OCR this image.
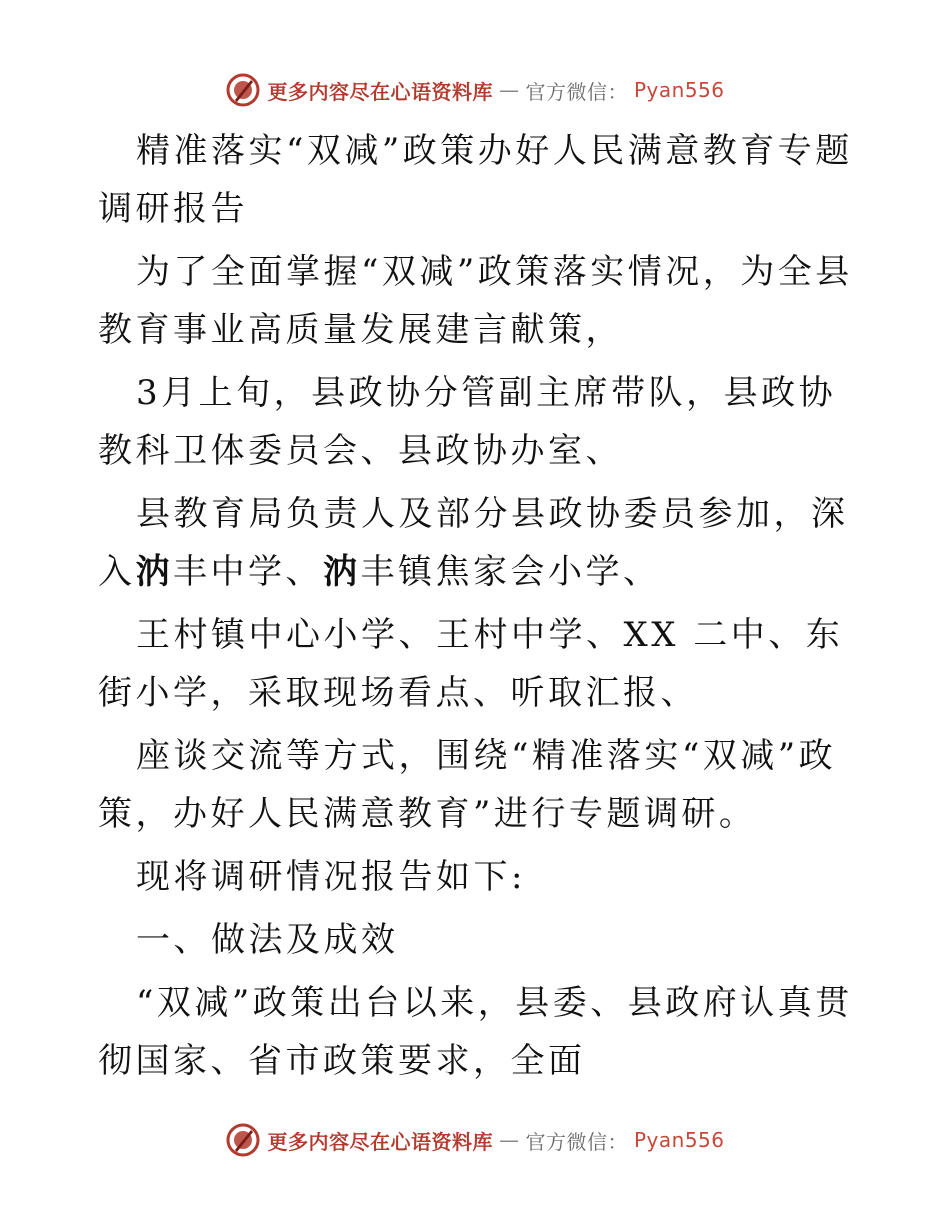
更多内容尽在心语资料库 — 官方微信： Pyan556

精准落实“双减”政策办好人民满意教育专题调研报告

为了全面掌握“双减”政策落实情况，为全县教育事业高质量发展建言献策，

3月上旬，县政协分管副主席带队，县政协教科卫体委员会、县政协办室、

县教育局负责人及部分县政协委员参加，深入汭丰中学、汭丰镇焦家会小学、

王村镇中心小学、王村中学、XX 二中、东街小学，采取现场看点、听取汇报、

座谈交流等方式，围绕“精准落实“双减”政策，办好人民满意教育”进行专题调研。

现将调研情况报告如下:

一、做法及成效

“双减”政策出台以来，县委、县政府认真贯彻国家、省市政策要求，全面

更多内容尽在心语资料库 — 官方微信： Pyan556
